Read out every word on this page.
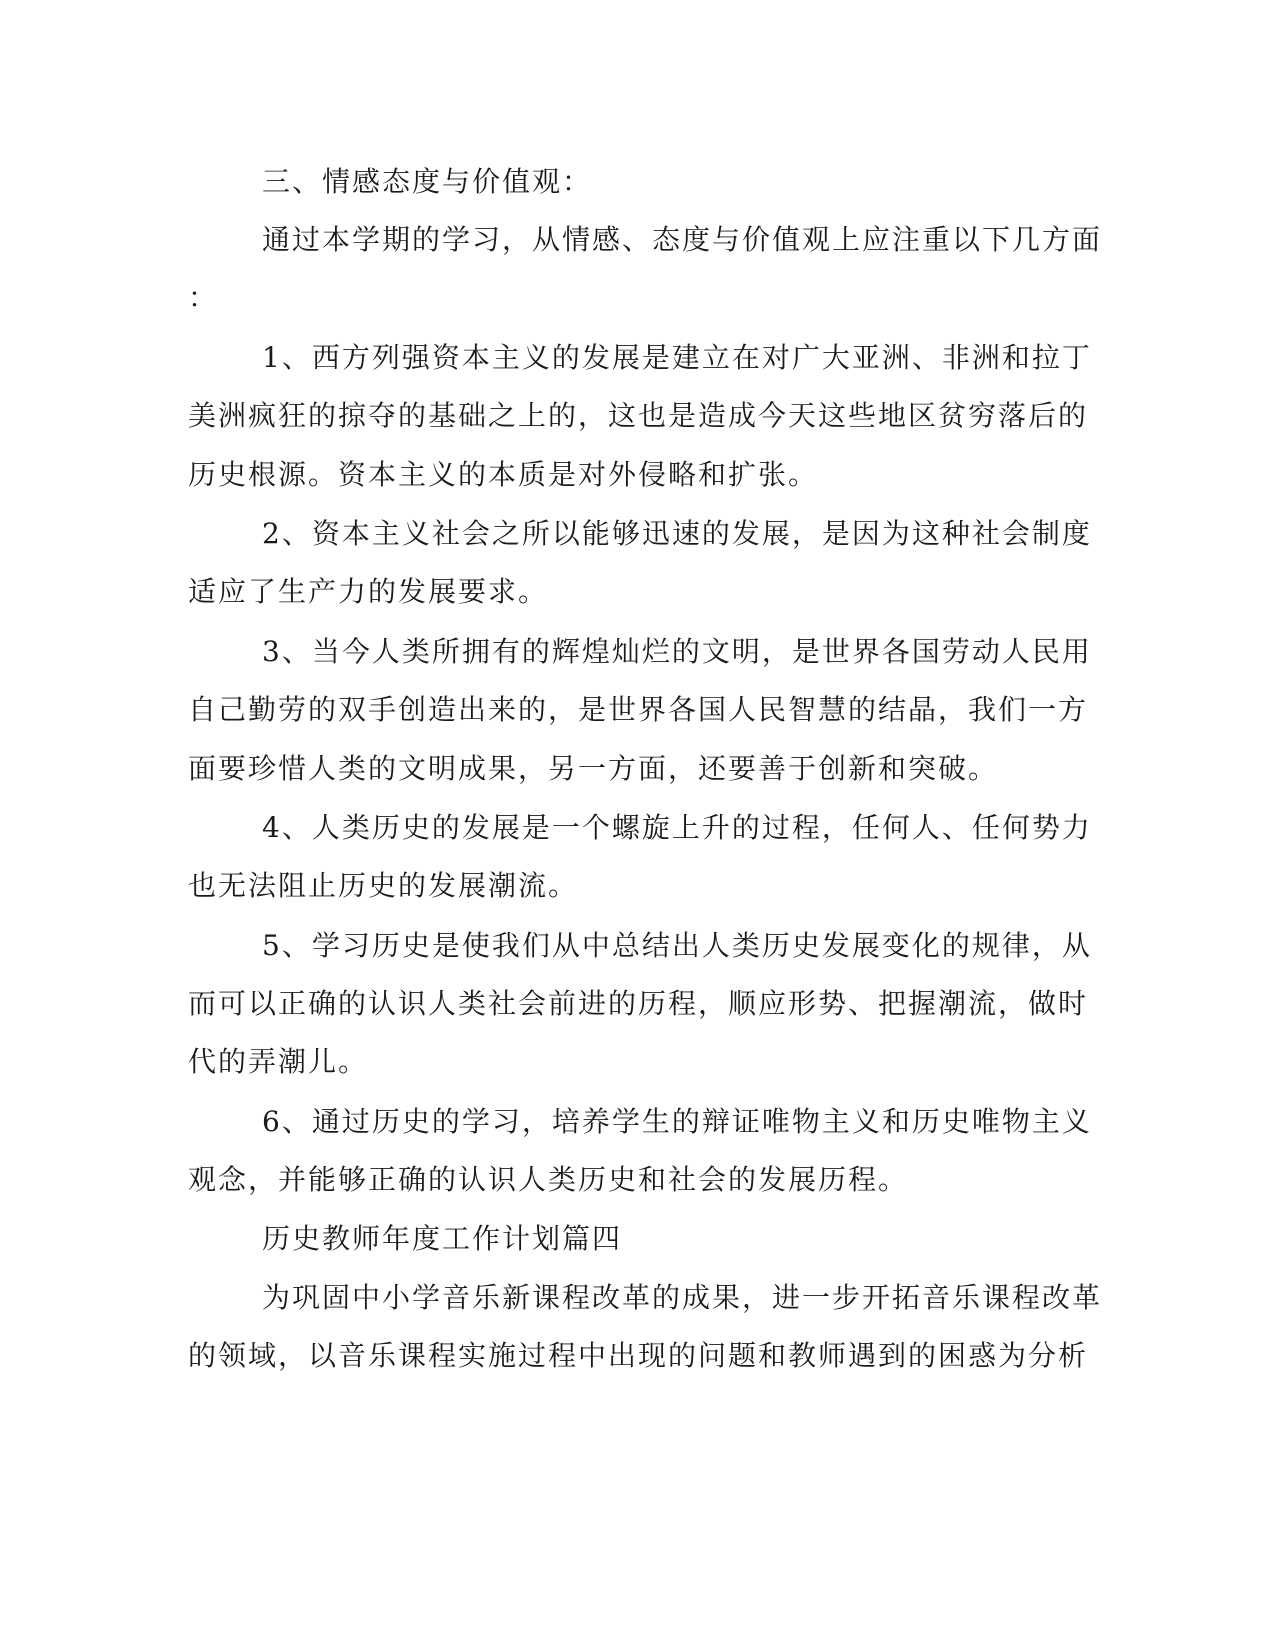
三、情感态度与价值观：
通过本学期的学习，从情感、态度与价值观上应注重以下几方面
：
1、西方列强资本主义的发展是建立在对广大亚洲、非洲和拉丁
美洲疯狂的掠夺的基础之上的，这也是造成今天这些地区贫穷落后的
历史根源。资本主义的本质是对外侵略和扩张。
2、资本主义社会之所以能够迅速的发展，是因为这种社会制度
适应了生产力的发展要求。
3、当今人类所拥有的辉煌灿烂的文明，是世界各国劳动人民用
自己勤劳的双手创造出来的，是世界各国人民智慧的结晶，我们一方
面要珍惜人类的文明成果，另一方面，还要善于创新和突破。
4、人类历史的发展是一个螺旋上升的过程，任何人、任何势力
也无法阻止历史的发展潮流。
5、学习历史是使我们从中总结出人类历史发展变化的规律，从
而可以正确的认识人类社会前进的历程，顺应形势、把握潮流，做时
代的弄潮儿。
6、通过历史的学习，培养学生的辩证唯物主义和历史唯物主义
观念，并能够正确的认识人类历史和社会的发展历程。
历史教师年度工作计划篇四
为巩固中小学音乐新课程改革的成果，进一步开拓音乐课程改革
的领域，以音乐课程实施过程中出现的问题和教师遇到的困惑为分析
